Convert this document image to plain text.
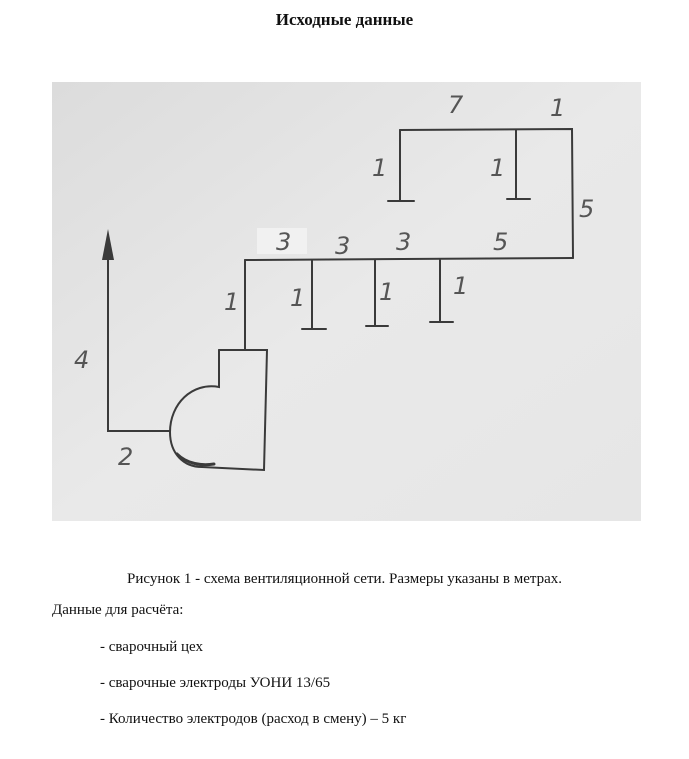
Исходные данные
7	1
5
1	1
3 3 3	5
1 1	1 1
4
2
Рисунок 1 - схема вентиляционной сети. Размеры указаны в метрах.
Данные для расчёта:
- сварочный цех
- сварочные электроды УОНИ 13/65
- Количество электродов (расход в смену) – 5 кг
